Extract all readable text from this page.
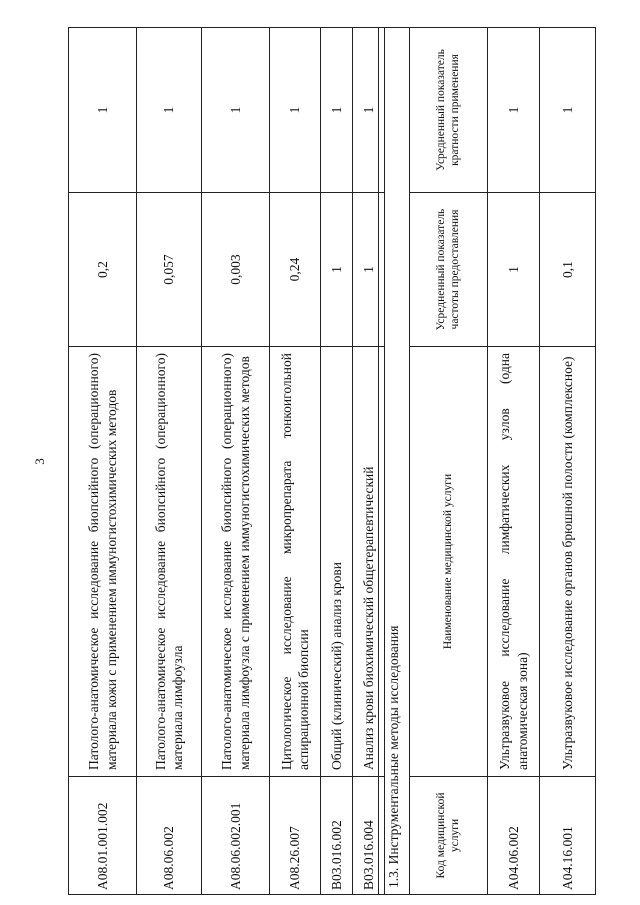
3
A08.01.001.002	Патолого-анатомическое исследование биопсийного (операционного) материала кожи с применением иммуногистохимических методов	0,2	1
A08.06.002	Патолого-анатомическое исследование биопсийного (операционного) материала лимфоузла	0,057	1
A08.06.002.001	Патолого-анатомическое исследование биопсийного (операционного) материала лимфоузла с применением иммуногистохимических методов	0,003	1
A08.26.007	Цитологическое исследование микропрепарата тонкоигольной аспирационной биопсии	0,24	1
B03.016.002	Общий (клинический) анализ крови	1	1
B03.016.004	Анализ крови биохимический общетерапевтический	1	1
1.3. Инструментальные методы исследования			
Код медицинской услуги	Наименование медицинской услуги	Усредненный показатель частоты предоставления	Усредненный показатель кратности применения
A04.06.002	Ультразвуковое исследование лимфатических узлов (одна анатомическая зона)	1	1
A04.16.001	Ультразвуковое исследование органов брюшной полости (комплексное)	0,1	1
